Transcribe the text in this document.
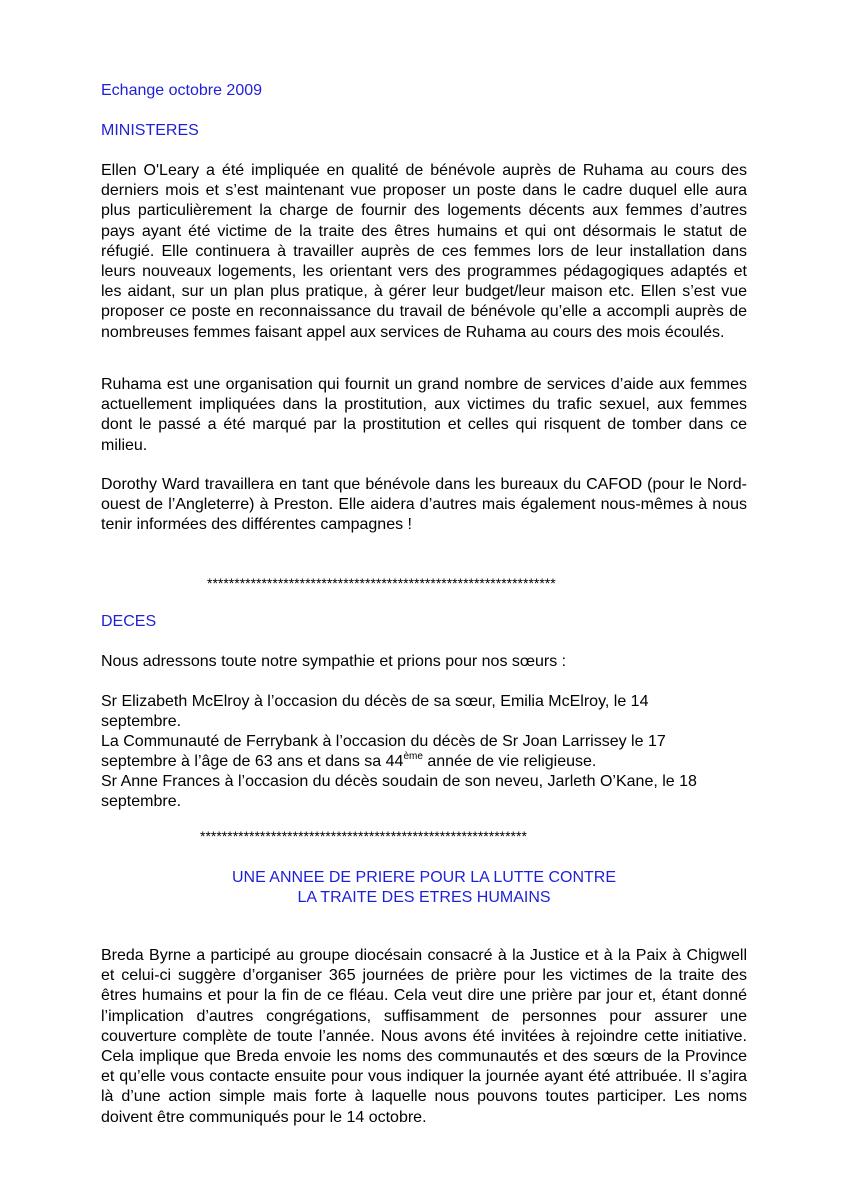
Echange octobre 2009
MINISTERES

Ellen O'Leary a été impliquée en qualité de bénévole auprès de Ruhama au cours des derniers mois et s’est maintenant vue proposer un poste dans le cadre duquel elle aura plus particulièrement la charge de fournir des logements décents aux femmes d’autres pays ayant été victime de la traite des êtres humains et qui ont désormais le statut de réfugié. Elle continuera à travailler auprès de ces femmes lors de leur installation dans leurs nouveaux logements, les orientant vers des programmes pédagogiques adaptés et les aidant, sur un plan plus pratique, à gérer leur budget/leur maison etc. Ellen s’est vue proposer ce poste en reconnaissance du travail de bénévole qu’elle a accompli auprès de nombreuses femmes faisant appel aux services de Ruhama au cours des mois écoulés.

Ruhama est une organisation qui fournit un grand nombre de services d’aide aux femmes actuellement impliquées dans la prostitution, aux victimes du trafic sexuel, aux femmes dont le passé a été marqué par la prostitution et celles qui risquent de tomber dans ce milieu.

Dorothy Ward travaillera en tant que bénévole dans les bureaux du CAFOD (pour le Nord-ouest de l’Angleterre) à Preston. Elle aidera d’autres mais également nous-mêmes à nous tenir informées des différentes campagnes !

****************************************************************
DECES

Nous adressons toute notre sympathie et prions pour nos sœurs :

Sr Elizabeth McElroy à l’occasion du décès de sa sœur, Emilia McElroy, le 14 septembre.

La Communauté de Ferrybank à l’occasion du décès de Sr Joan Larrissey le 17 septembre à l’âge de 63 ans et dans sa 44ème année de vie religieuse.

Sr Anne Frances à l’occasion du décès soudain de son neveu, Jarleth O’Kane, le 18 septembre.

************************************************************
UNE ANNEE DE PRIERE POUR LA LUTTE CONTRE
LA TRAITE DES ETRES HUMAINS

Breda Byrne a participé au groupe diocésain consacré à la Justice et à la Paix à Chigwell et celui-ci suggère d’organiser 365 journées de prière pour les victimes de la traite des êtres humains et pour la fin de ce fléau. Cela veut dire une prière par jour et, étant donné l’implication d’autres congrégations, suffisamment de personnes pour assurer une couverture complète de toute l’année. Nous avons été invitées à rejoindre cette initiative. Cela implique que Breda envoie les noms des communautés et des sœurs de la Province et qu’elle vous contacte ensuite pour vous indiquer la journée ayant été attribuée. Il s’agira là d’une action simple mais forte à laquelle nous pouvons toutes participer. Les noms doivent être communiqués pour le 14 octobre.
